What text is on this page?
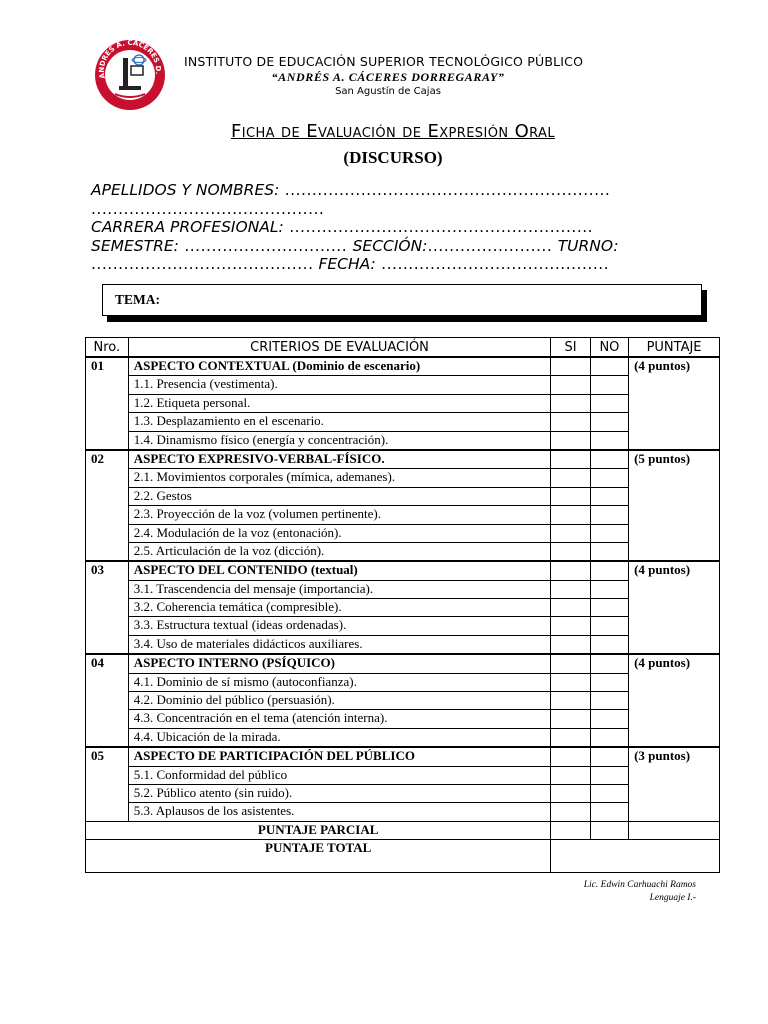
ANDRES A. CACERES D.
INSTITUTO DE EDUCACIÓN SUPERIOR TECNOLÓGICO PÚBLICO
“ANDRÉS A. CÁCERES DORREGARAY”
San Agustín de Cajas
Ficha de Evaluación de Expresión Oral
(DISCURSO)
APELLIDOS Y NOMBRES: ............................................................
...........................................
CARRERA PROFESIONAL: ........................................................
SEMESTRE: .............................. SECCIÓN:....................... TURNO:
......................................... FECHA: ..........................................
TEMA:
Nro.	CRITERIOS DE EVALUACIÓN	SI	NO	PUNTAJE
01	ASPECTO CONTEXTUAL (Dominio de escenario)			(4 puntos)
	1.1. Presencia (vestimenta).			
	1.2. Etiqueta personal.			
	1.3. Desplazamiento en el escenario.			
	1.4. Dinamismo físico (energía y concentración).			
02	ASPECTO EXPRESIVO-VERBAL-FÍSICO.			(5 puntos)
	2.1. Movimientos corporales (mímica, ademanes).			
	2.2. Gestos			
	2.3. Proyección de la voz (volumen pertinente).			
	2.4. Modulación de la voz (entonación).			
	2.5. Articulación de la voz (dicción).			
03	ASPECTO DEL CONTENIDO (textual)			(4 puntos)
	3.1. Trascendencia del mensaje (importancia).			
	3.2. Coherencia temática (compresible).			
	3.3. Estructura textual (ideas ordenadas).			
	3.4. Uso de materiales didácticos auxiliares.			
04	ASPECTO INTERNO (PSÍQUICO)			(4 puntos)
	4.1. Dominio de sí mismo (autoconfianza).			
	4.2. Dominio del público (persuasión).			
	4.3. Concentración en el tema (atención interna).			
	4.4. Ubicación de la mirada.			
05	ASPECTO DE PARTICIPACIÓN DEL PÚBLICO			(3 puntos)
	5.1. Conformidad del público			
	5.2. Público atento (sin ruido).			
	5.3. Aplausos de los asistentes.			
PUNTAJE PARCIAL				
PUNTAJE TOTAL				
Lic. Edwin Carhuachi Ramos
Lenguaje I.-
